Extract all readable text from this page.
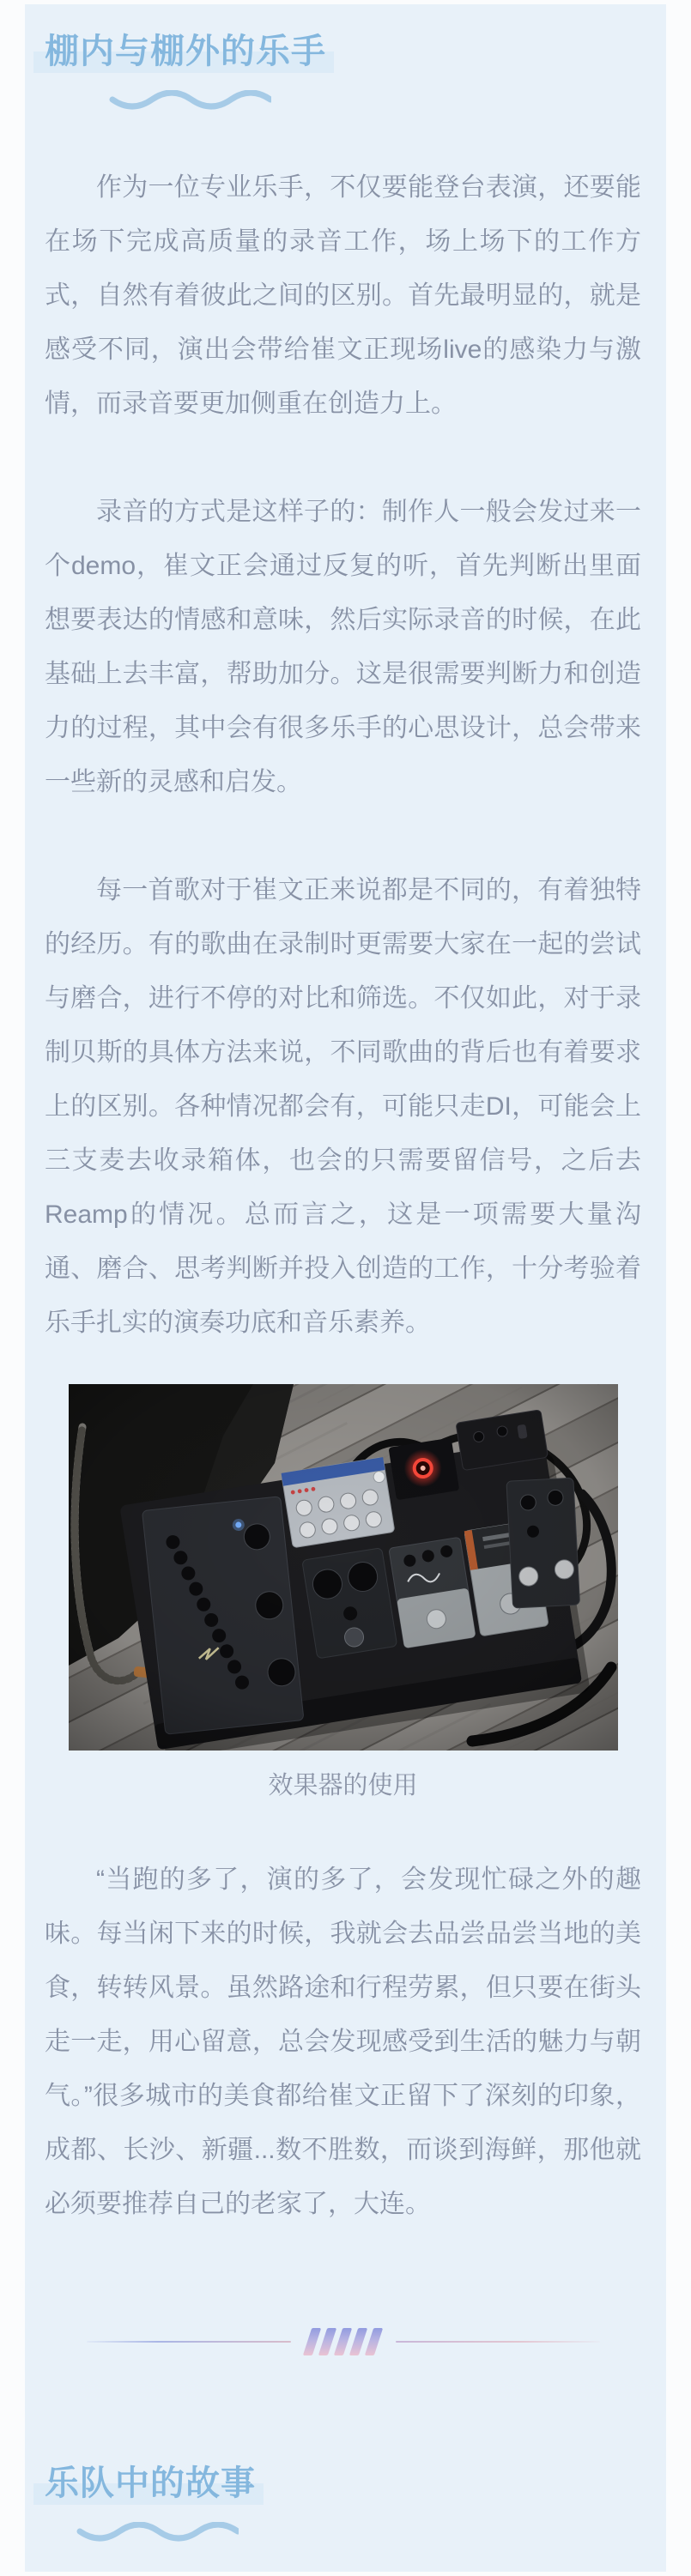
棚内与棚外的乐手

作为一位专业乐手，不仅要能登台表演，还要能在场下完成高质量的录音工作，场上场下的工作方式，自然有着彼此之间的区别。首先最明显的，就是感受不同，演出会带给崔文正现场live的感染力与激情，而录音要更加侧重在创造力上。

录音的方式是这样子的：制作人一般会发过来一个demo，崔文正会通过反复的听，首先判断出里面想要表达的情感和意味，然后实际录音的时候，在此基础上去丰富，帮助加分。这是很需要判断力和创造力的过程，其中会有很多乐手的心思设计，总会带来一些新的灵感和启发。

每一首歌对于崔文正来说都是不同的，有着独特的经历。有的歌曲在录制时更需要大家在一起的尝试与磨合，进行不停的对比和筛选。不仅如此，对于录制贝斯的具体方法来说，不同歌曲的背后也有着要求上的区别。各种情况都会有，可能只走DI，可能会上三支麦去收录箱体，也会的只需要留信号，之后去Reamp的情况。总而言之，这是一项需要大量沟通、磨合、思考判断并投入创造的工作，十分考验着乐手扎实的演奏功底和音乐素养。

效果器的使用

“当跑的多了，演的多了，会发现忙碌之外的趣味。每当闲下来的时候，我就会去品尝品尝当地的美食，转转风景。虽然路途和行程劳累，但只要在街头走一走，用心留意，总会发现感受到生活的魅力与朝气。”很多城市的美食都给崔文正留下了深刻的印象，成都、长沙、新疆...数不胜数，而谈到海鲜，那他就必须要推荐自己的老家了，大连。

乐队中的故事
